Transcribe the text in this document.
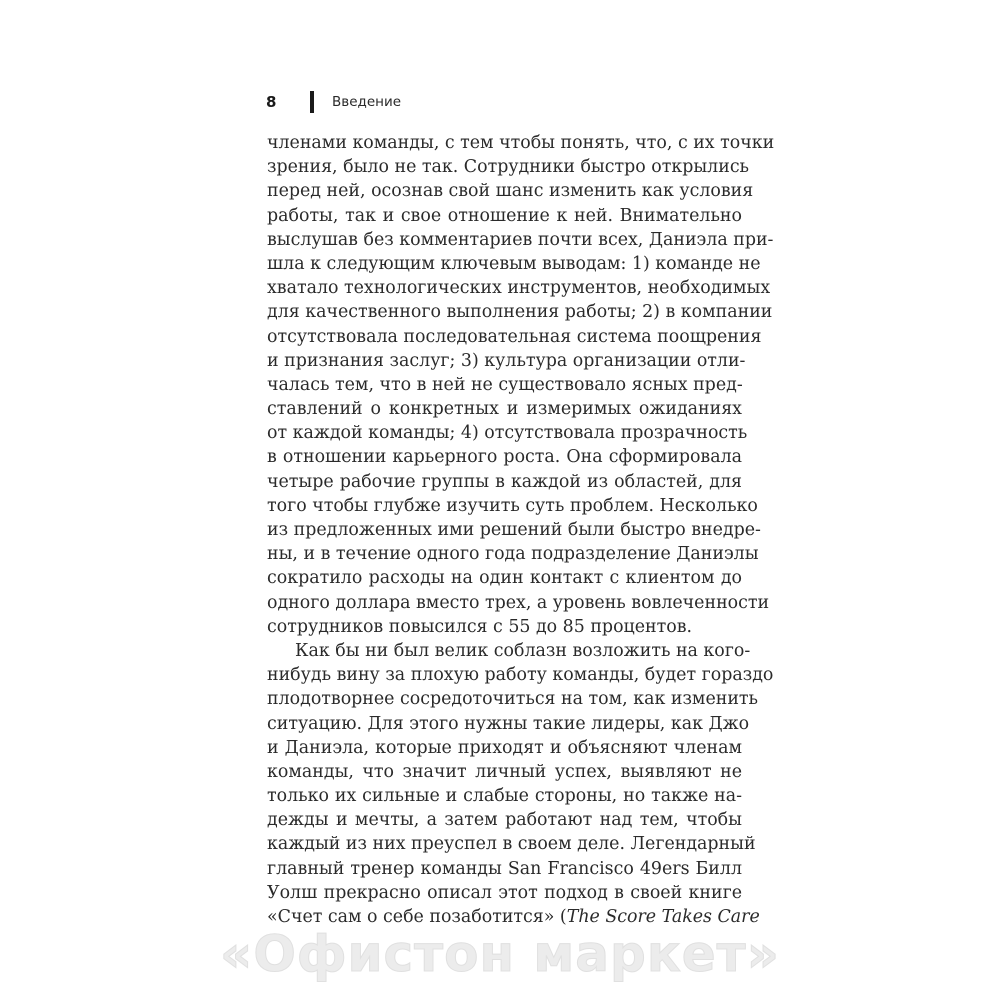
8	Введение
членами команды, с тем чтобы понять, что, с их точки
зрения, было не так. Сотрудники быстро открылись
перед ней, осознав свой шанс изменить как условия
работы, так и свое отношение к ней. Внимательно
выслушав без комментариев почти всех, Даниэла при-
шла к следующим ключевым выводам: 1) команде не
хватало технологических инструментов, необходимых
для качественного выполнения работы; 2) в компании
отсутствовала последовательная система поощрения
и признания заслуг; 3) культура организации отли-
чалась тем, что в ней не существовало ясных пред-
ставлений о конкретных и измеримых ожиданиях
от каждой команды; 4) отсутствовала прозрачность
в отношении карьерного роста. Она сформировала
четыре рабочие группы в каждой из областей, для
того чтобы глубже изучить суть проблем. Несколько
из предложенных ими решений были быстро внедре-
ны, и в течение одного года подразделение Даниэлы
сократило расходы на один контакт с клиентом до
одного доллара вместо трех, а уровень вовлеченности
сотрудников повысился с 55 до 85 процентов.
Как бы ни был велик соблазн возложить на кого-
нибудь вину за плохую работу команды, будет гораздо
плодотворнее сосредоточиться на том, как изменить
ситуацию. Для этого нужны такие лидеры, как Джо
и Даниэла, которые приходят и объясняют членам
команды, что значит личный успех, выявляют не
только их сильные и слабые стороны, но также на-
дежды и мечты, а затем работают над тем, чтобы
каждый из них преуспел в своем деле. Легендарный
главный тренер команды San Francisco 49ers Билл
Уолш прекрасно описал этот подход в своей книге
«Счет сам о себе позаботится» (The Score Takes Care
«Офистон маркет»
